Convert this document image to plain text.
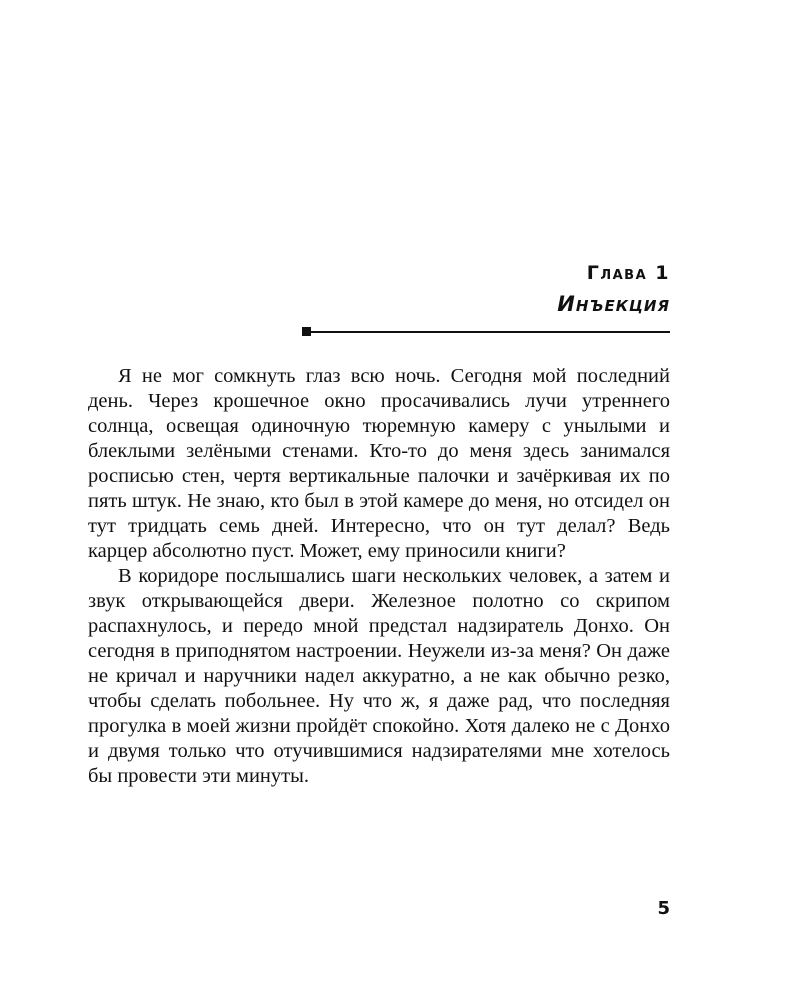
Глава 1
Инъекция

Я не мог сомкнуть глаз всю ночь. Сегодня мой последний день. Через крошечное окно просачивались лучи утреннего солнца, освещая одиночную тюремную камеру с унылыми и блеклыми зелёными стенами. Кто-то до меня здесь занимался росписью стен, чертя вертикальные палочки и зачёркивая их по пять штук. Не знаю, кто был в этой камере до меня, но отсидел он тут тридцать семь дней. Интересно, что он тут делал? Ведь карцер абсолютно пуст. Может, ему приносили книги?

В коридоре послышались шаги нескольких человек, а затем и звук открывающейся двери. Железное полотно со скрипом распахнулось, и передо мной предстал надзиратель Донхо. Он сегодня в приподнятом настроении. Неужели из-за меня? Он даже не кричал и наручники надел аккуратно, а не как обычно резко, чтобы сделать побольнее. Ну что ж, я даже рад, что последняя прогулка в моей жизни пройдёт спокойно. Хотя далеко не с Донхо и двумя только что отучившимися надзирателями мне хотелось бы провести эти минуты.

5
